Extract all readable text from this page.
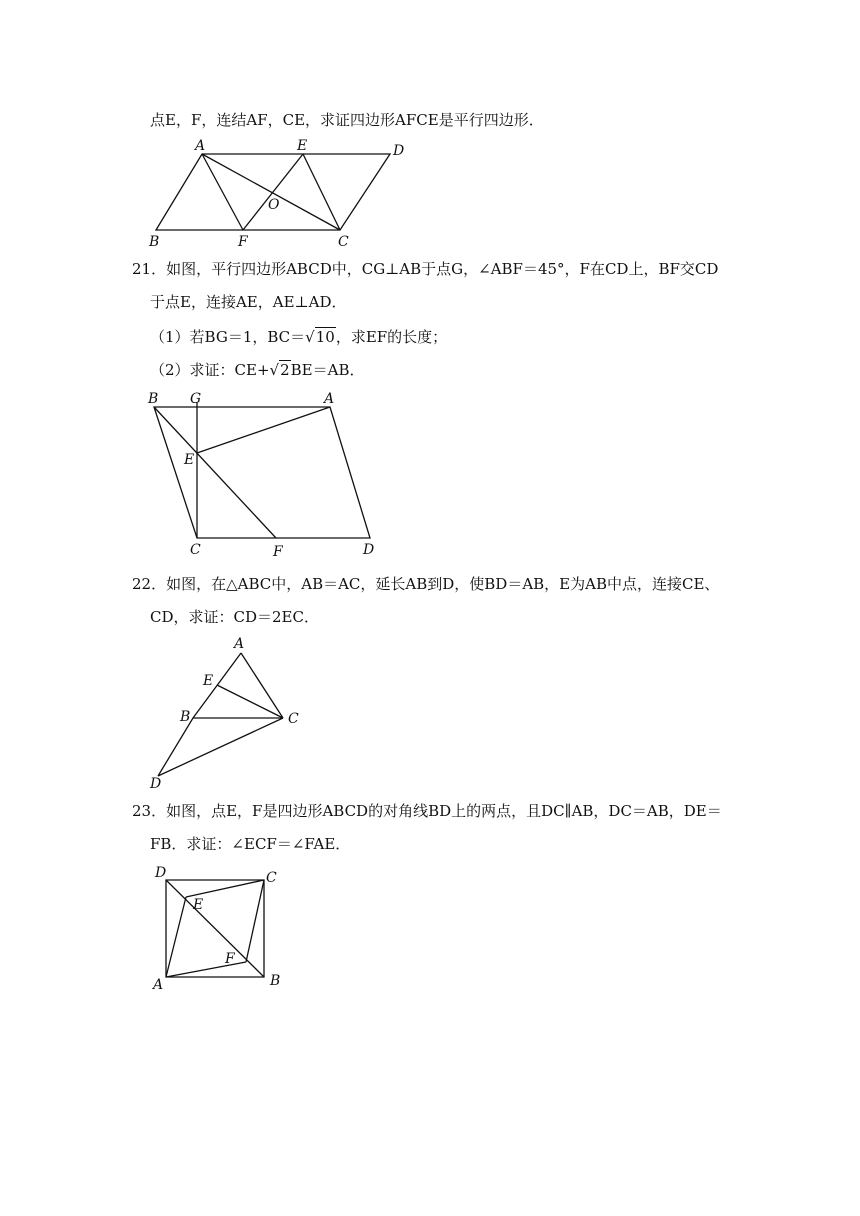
点E，F，连结AF，CE，求证四边形AFCE是平行四边形．
A	E	D
O
B	F	C
21．如图，平行四边形ABCD中，CG⊥AB于点G，∠ABF＝45°，F在CD上，BF交CD
于点E，连接AE，AE⊥AD．
（1）若BG＝1，BC＝√10，求EF的长度；
（2）求证：CE+√2BE＝AB．
B G	A
E
C	F	D
22．如图，在△ABC中，AB＝AC，延长AB到D，使BD＝AB，E为AB中点，连接CE、
CD，求证：CD＝2EC．
A
E
B	C
D
23．如图，点E，F是四边形ABCD的对角线BD上的两点，且DC∥AB，DC＝AB，DE＝
FB．求证：∠ECF＝∠FAE．
D	C
E
F
A	B
